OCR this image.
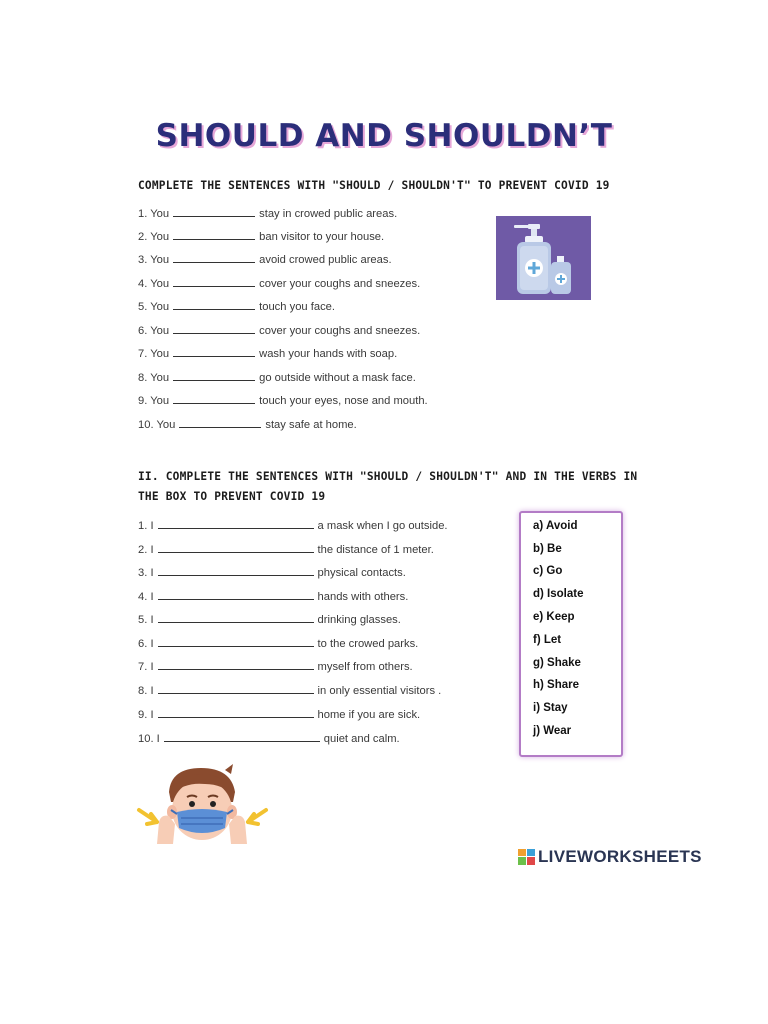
SHOULD AND SHOULDN’T
COMPLETE THE SENTENCES WITH "SHOULD / SHOULDN'T" TO PREVENT COVID 19
1. You	stay in crowed public areas.
2. You	ban visitor to your house.
3. You	avoid crowed public areas.
4. You	cover your coughs and sneezes.
5. You	touch you face.
6. You	cover your coughs and sneezes.
7. You	wash your hands with soap.
8. You	go outside without a mask face.
9. You	touch your eyes, nose and mouth.
10. You	stay safe at home.
II. COMPLETE THE SENTENCES WITH "SHOULD / SHOULDN'T" AND IN THE VERBS IN THE BOX TO PREVENT COVID 19
1. I	a mask when I go outside.
2. I	the distance of 1 meter.
3. I	physical contacts.
4. I	hands with others.
5. I	drinking glasses.
6. I	to the crowed parks.
7. I	myself from others.
8. I	in only essential visitors .
9. I	home if you are sick.
10. I	quiet and calm.
a) Avoid
b) Be
c) Go
d) Isolate
e) Keep
f) Let
g) Shake
h) Share
i) Stay
j) Wear
LIVEWORKSHEETS
